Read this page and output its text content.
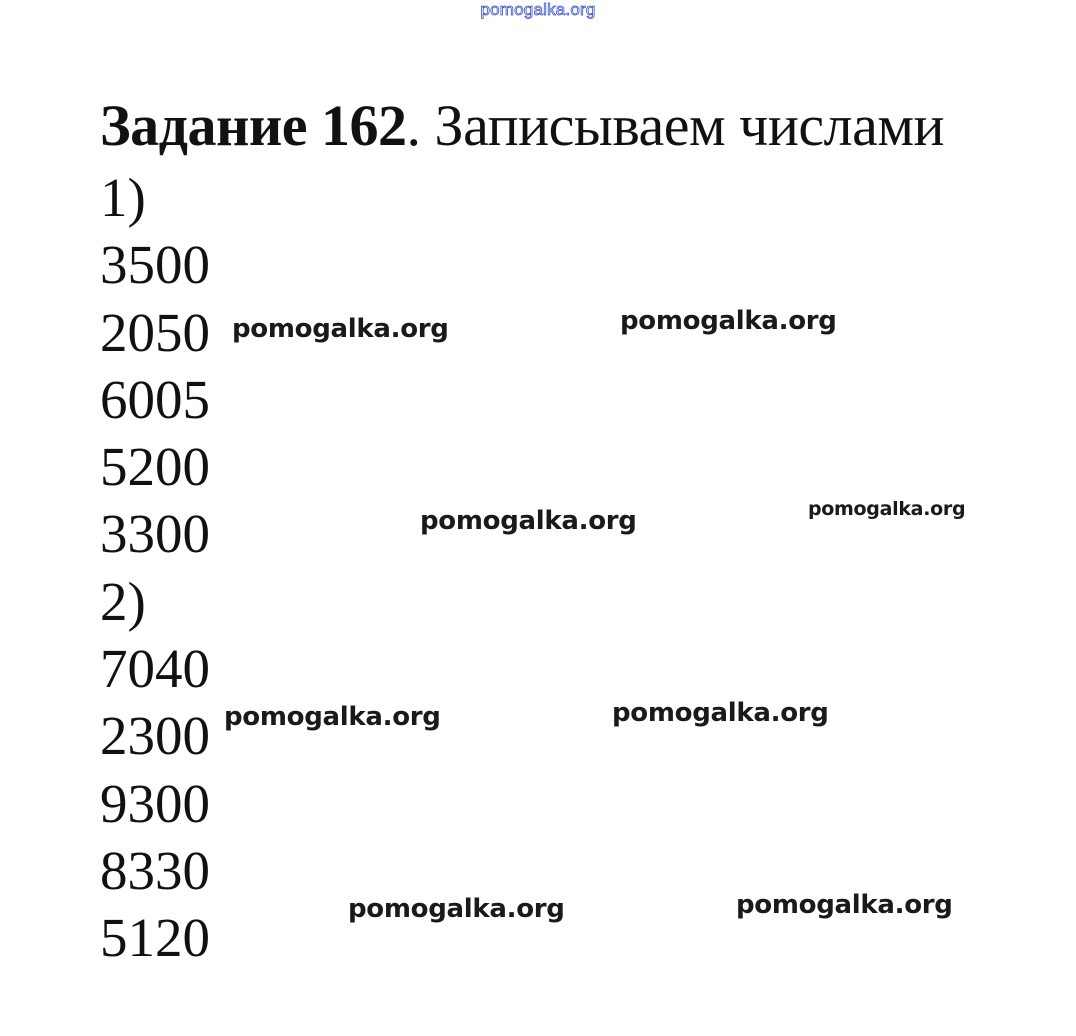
pomogalka.org
Задание 162. Записываем числами
1)
3500
2050
6005
5200
3300
2)
7040
2300
9300
8330
5120
pomogalka.org	pomogalka.org
pomogalka.org	pomogalka.org
pomogalka.org	pomogalka.org
pomogalka.org	pomogalka.org
